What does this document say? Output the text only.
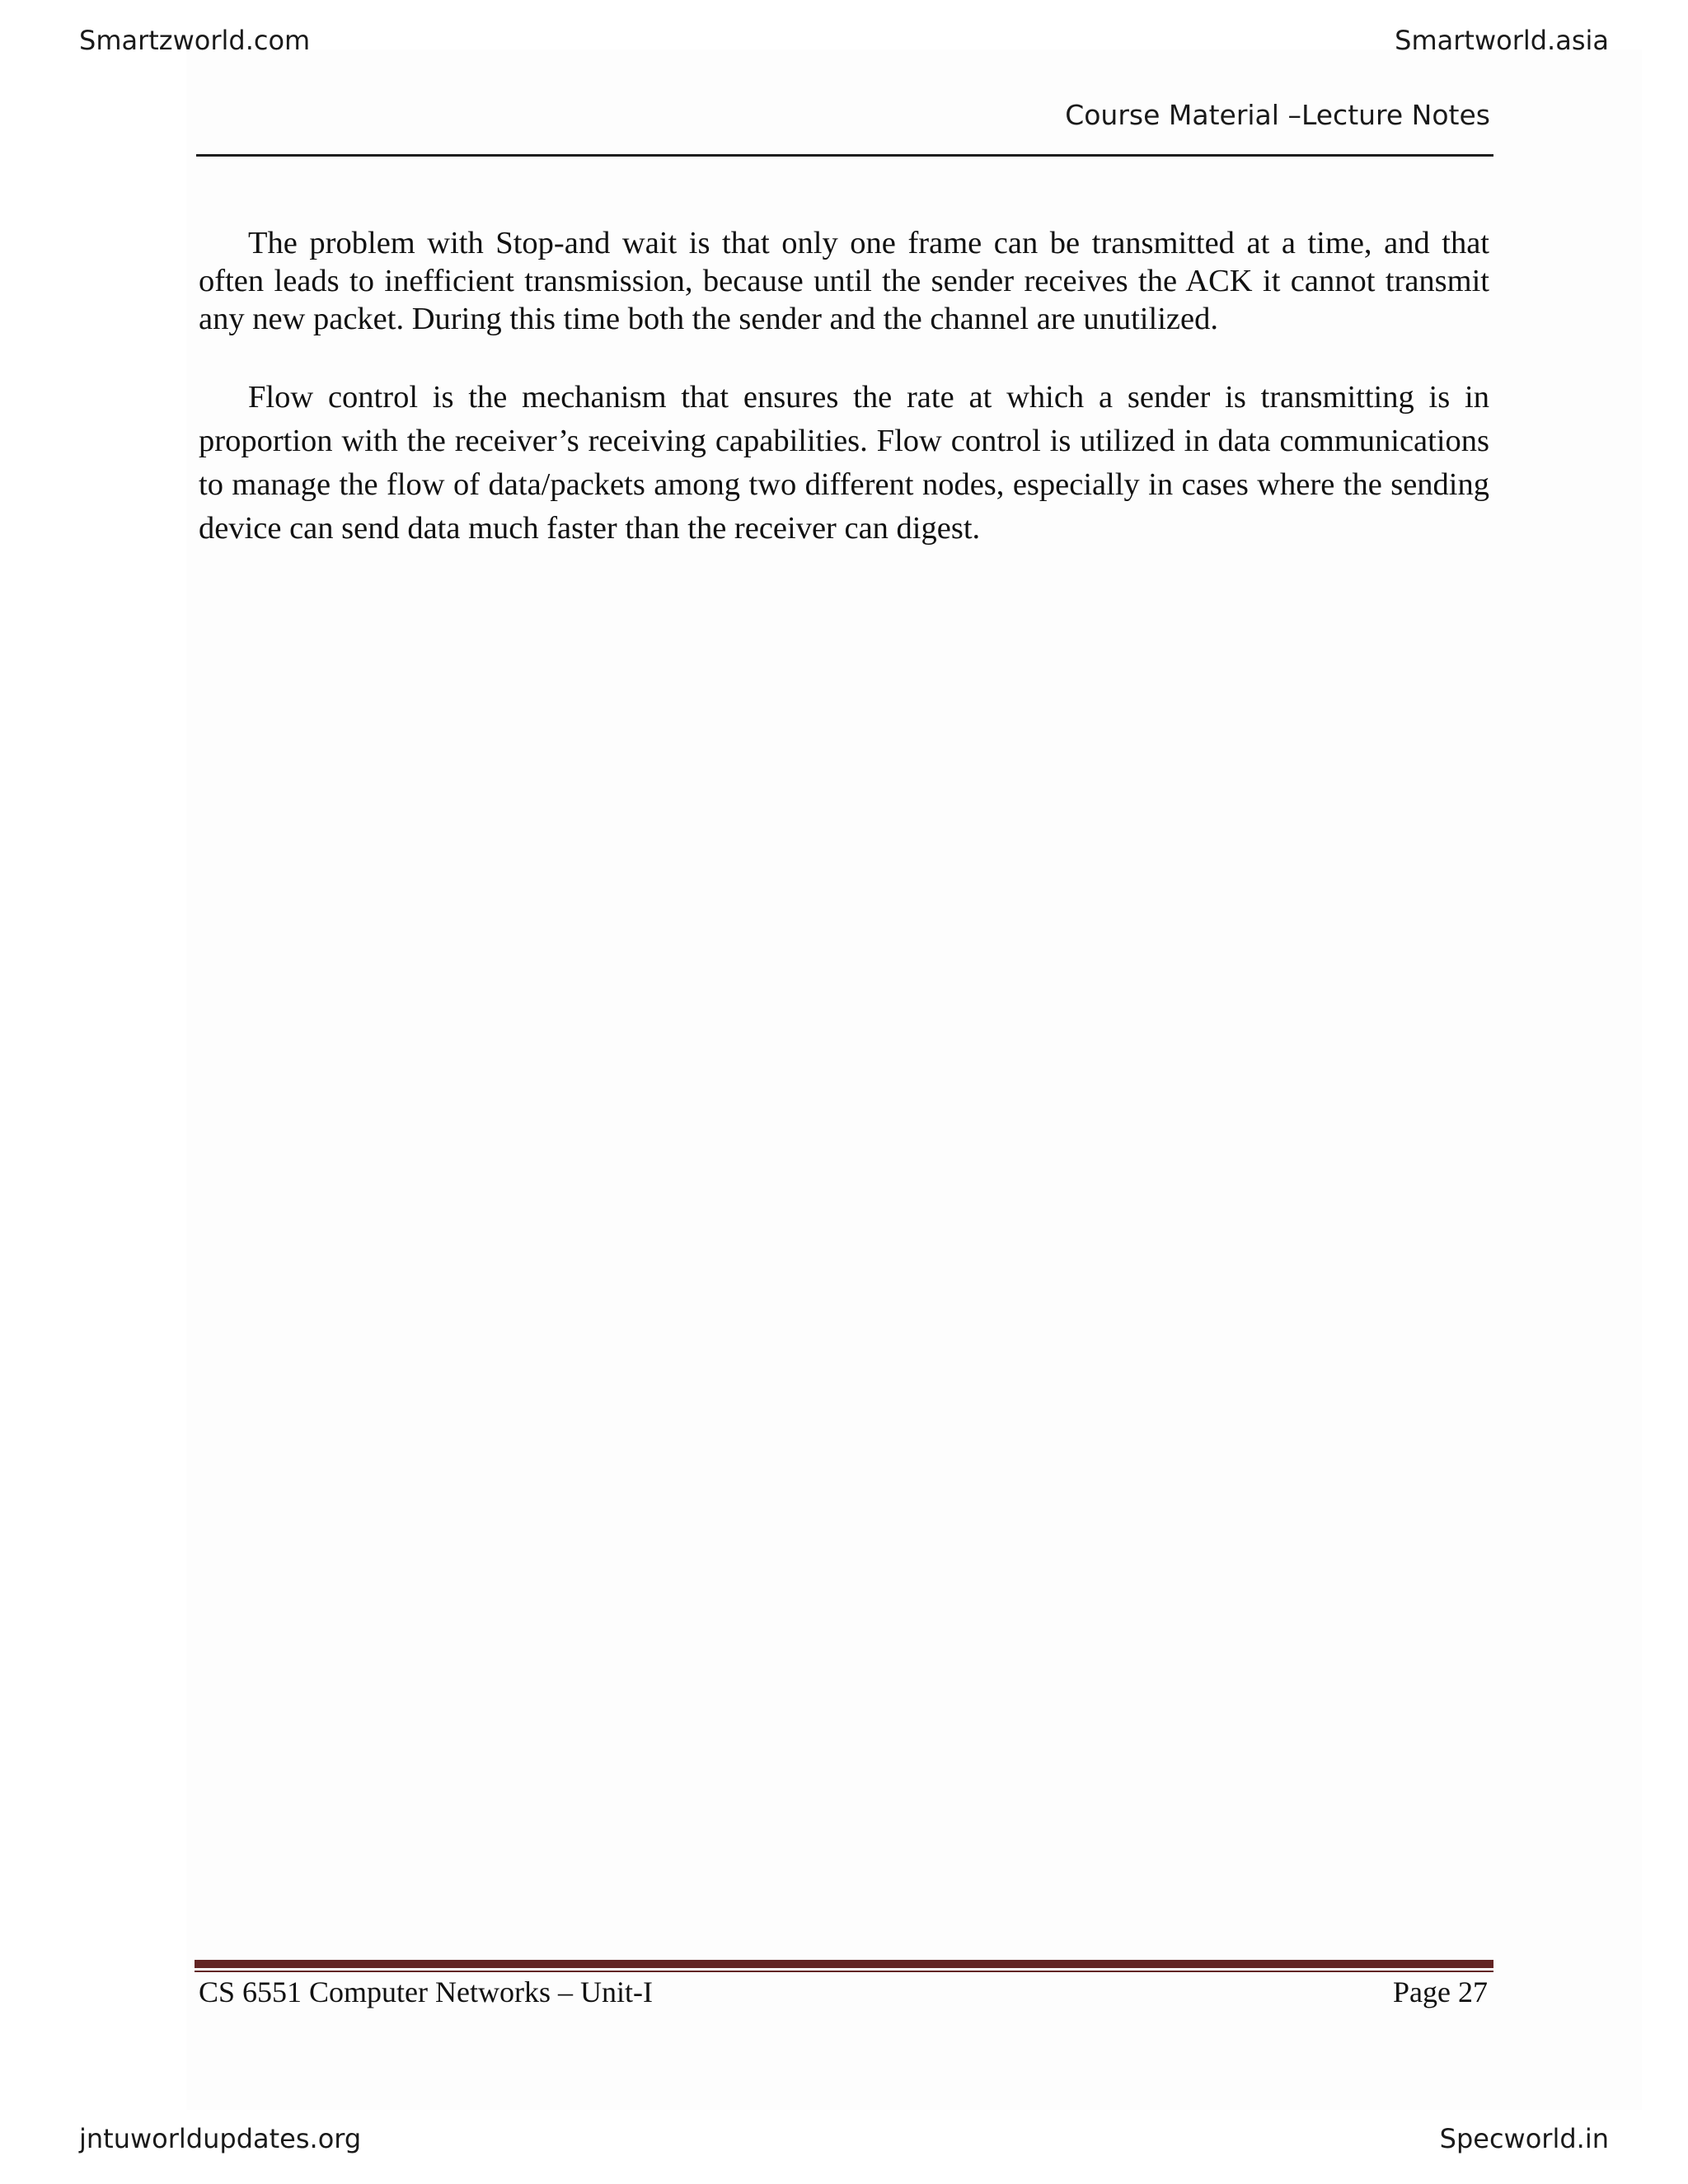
Smartzworld.com	Smartworld.asia
Course Material –Lecture Notes

The problem with Stop-and wait is that only one frame can be transmitted at a time, and that often leads to inefficient transmission, because until the sender receives the ACK it cannot transmit any new packet. During this time both the sender and the channel are unutilized.

Flow control is the mechanism that ensures the rate at which a sender is transmitting is in proportion with the receiver’s receiving capabilities. Flow control is utilized in data communications to manage the flow of data/packets among two different nodes, especially in cases where the sending device can send data much faster than the receiver can digest.

CS 6551 Computer Networks – Unit-I	Page 27
jntuworldupdates.org	Specworld.in
